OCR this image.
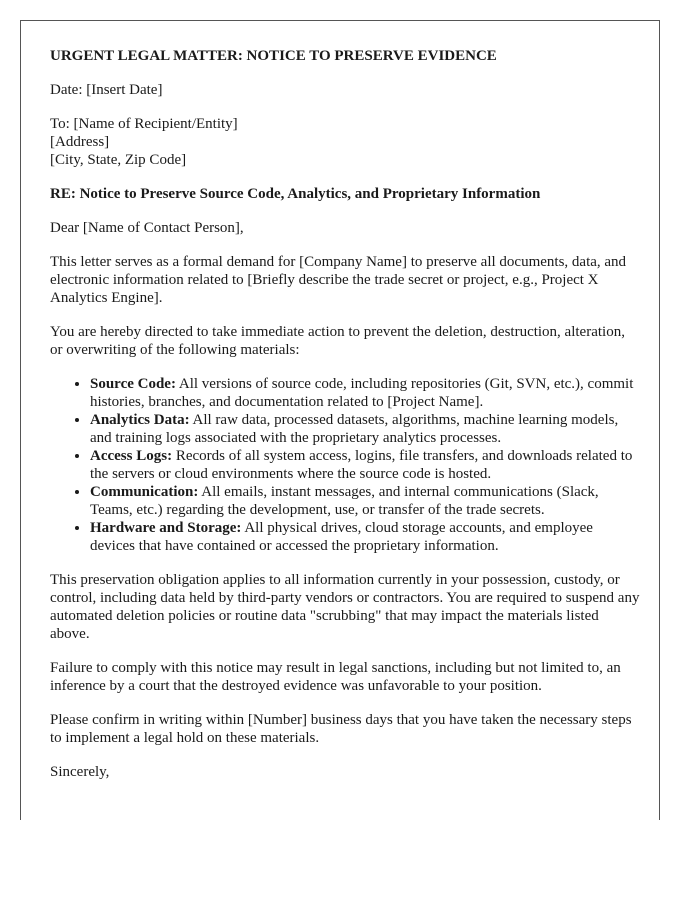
URGENT LEGAL MATTER: NOTICE TO PRESERVE EVIDENCE

Date: [Insert Date]

To: [Name of Recipient/Entity]
[Address]
[City, State, Zip Code]

RE: Notice to Preserve Source Code, Analytics, and Proprietary Information

Dear [Name of Contact Person],

This letter serves as a formal demand for [Company Name] to preserve all documents, data, and electronic information related to [Briefly describe the trade secret or project, e.g., Project X Analytics Engine].

You are hereby directed to take immediate action to prevent the deletion, destruction, alteration, or overwriting of the following materials:

• Source Code: All versions of source code, including repositories (Git, SVN, etc.), commit histories, branches, and documentation related to [Project Name].
• Analytics Data: All raw data, processed datasets, algorithms, machine learning models, and training logs associated with the proprietary analytics processes.
• Access Logs: Records of all system access, logins, file transfers, and downloads related to the servers or cloud environments where the source code is hosted.
• Communication: All emails, instant messages, and internal communications (Slack, Teams, etc.) regarding the development, use, or transfer of the trade secrets.
• Hardware and Storage: All physical drives, cloud storage accounts, and employee devices that have contained or accessed the proprietary information.

This preservation obligation applies to all information currently in your possession, custody, or control, including data held by third-party vendors or contractors. You are required to suspend any automated deletion policies or routine data "scrubbing" that may impact the materials listed above.

Failure to comply with this notice may result in legal sanctions, including but not limited to, an inference by a court that the destroyed evidence was unfavorable to your position.

Please confirm in writing within [Number] business days that you have taken the necessary steps to implement a legal hold on these materials.

Sincerely,
